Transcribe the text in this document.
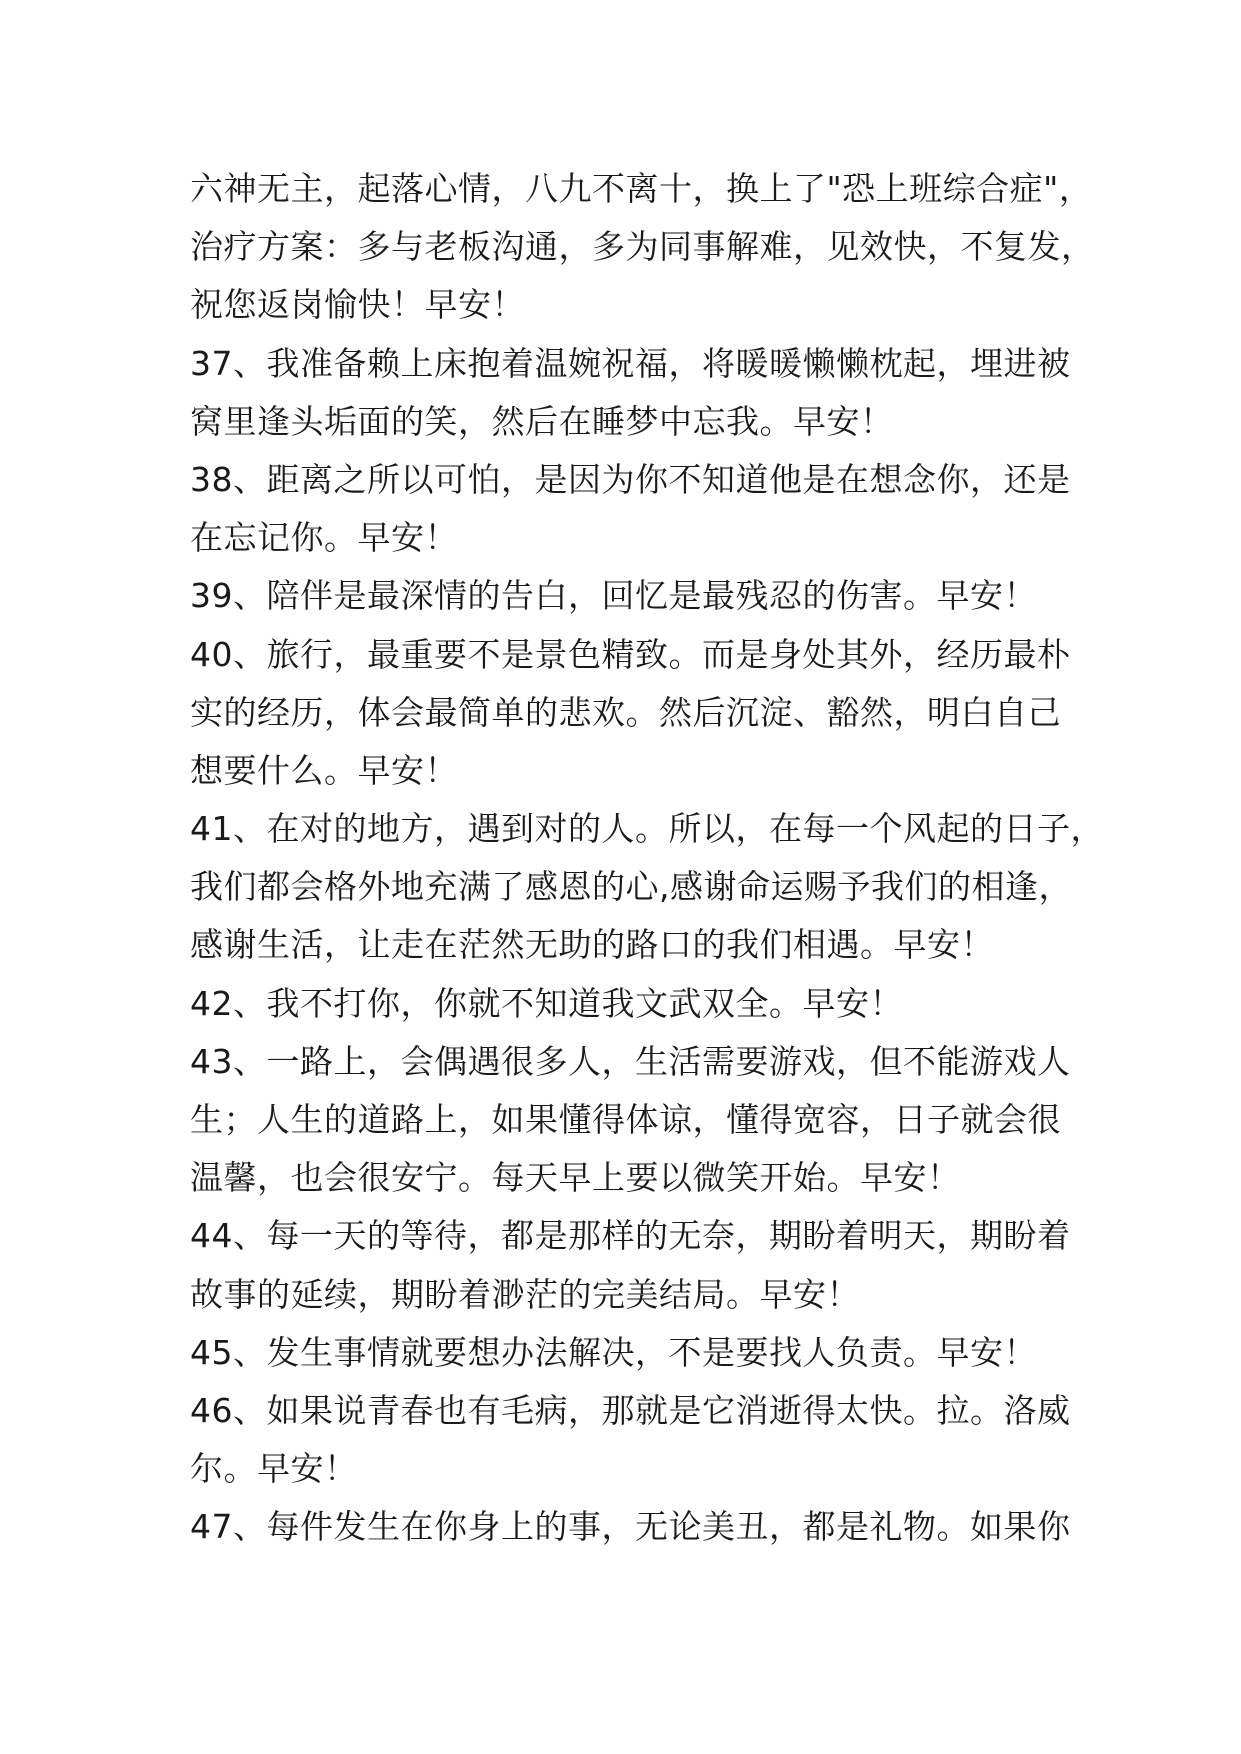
六神无主，起落心情，八九不离十，换上了"恐上班综合症"，
治疗方案：多与老板沟通，多为同事解难，见效快，不复发，
祝您返岗愉快！早安！
37、我准备赖上床抱着温婉祝福，将暖暖懒懒枕起，埋进被
窝里逢头垢面的笑，然后在睡梦中忘我。早安！
38、距离之所以可怕，是因为你不知道他是在想念你，还是
在忘记你。早安！
39、陪伴是最深情的告白，回忆是最残忍的伤害。早安！
40、旅行，最重要不是景色精致。而是身处其外，经历最朴
实的经历，体会最简单的悲欢。然后沉淀、豁然，明白自己
想要什么。早安！
41、在对的地方，遇到对的人。所以，在每一个风起的日子，
我们都会格外地充满了感恩的心,感谢命运赐予我们的相逢，
感谢生活，让走在茫然无助的路口的我们相遇。早安！
42、我不打你，你就不知道我文武双全。早安！
43、一路上，会偶遇很多人，生活需要游戏，但不能游戏人
生；人生的道路上，如果懂得体谅，懂得宽容，日子就会很
温馨，也会很安宁。每天早上要以微笑开始。早安！
44、每一天的等待，都是那样的无奈，期盼着明天，期盼着
故事的延续，期盼着渺茫的完美结局。早安！
45、发生事情就要想办法解决，不是要找人负责。早安！
46、如果说青春也有毛病，那就是它消逝得太快。拉。洛威
尔。早安！
47、每件发生在你身上的事，无论美丑，都是礼物。如果你
